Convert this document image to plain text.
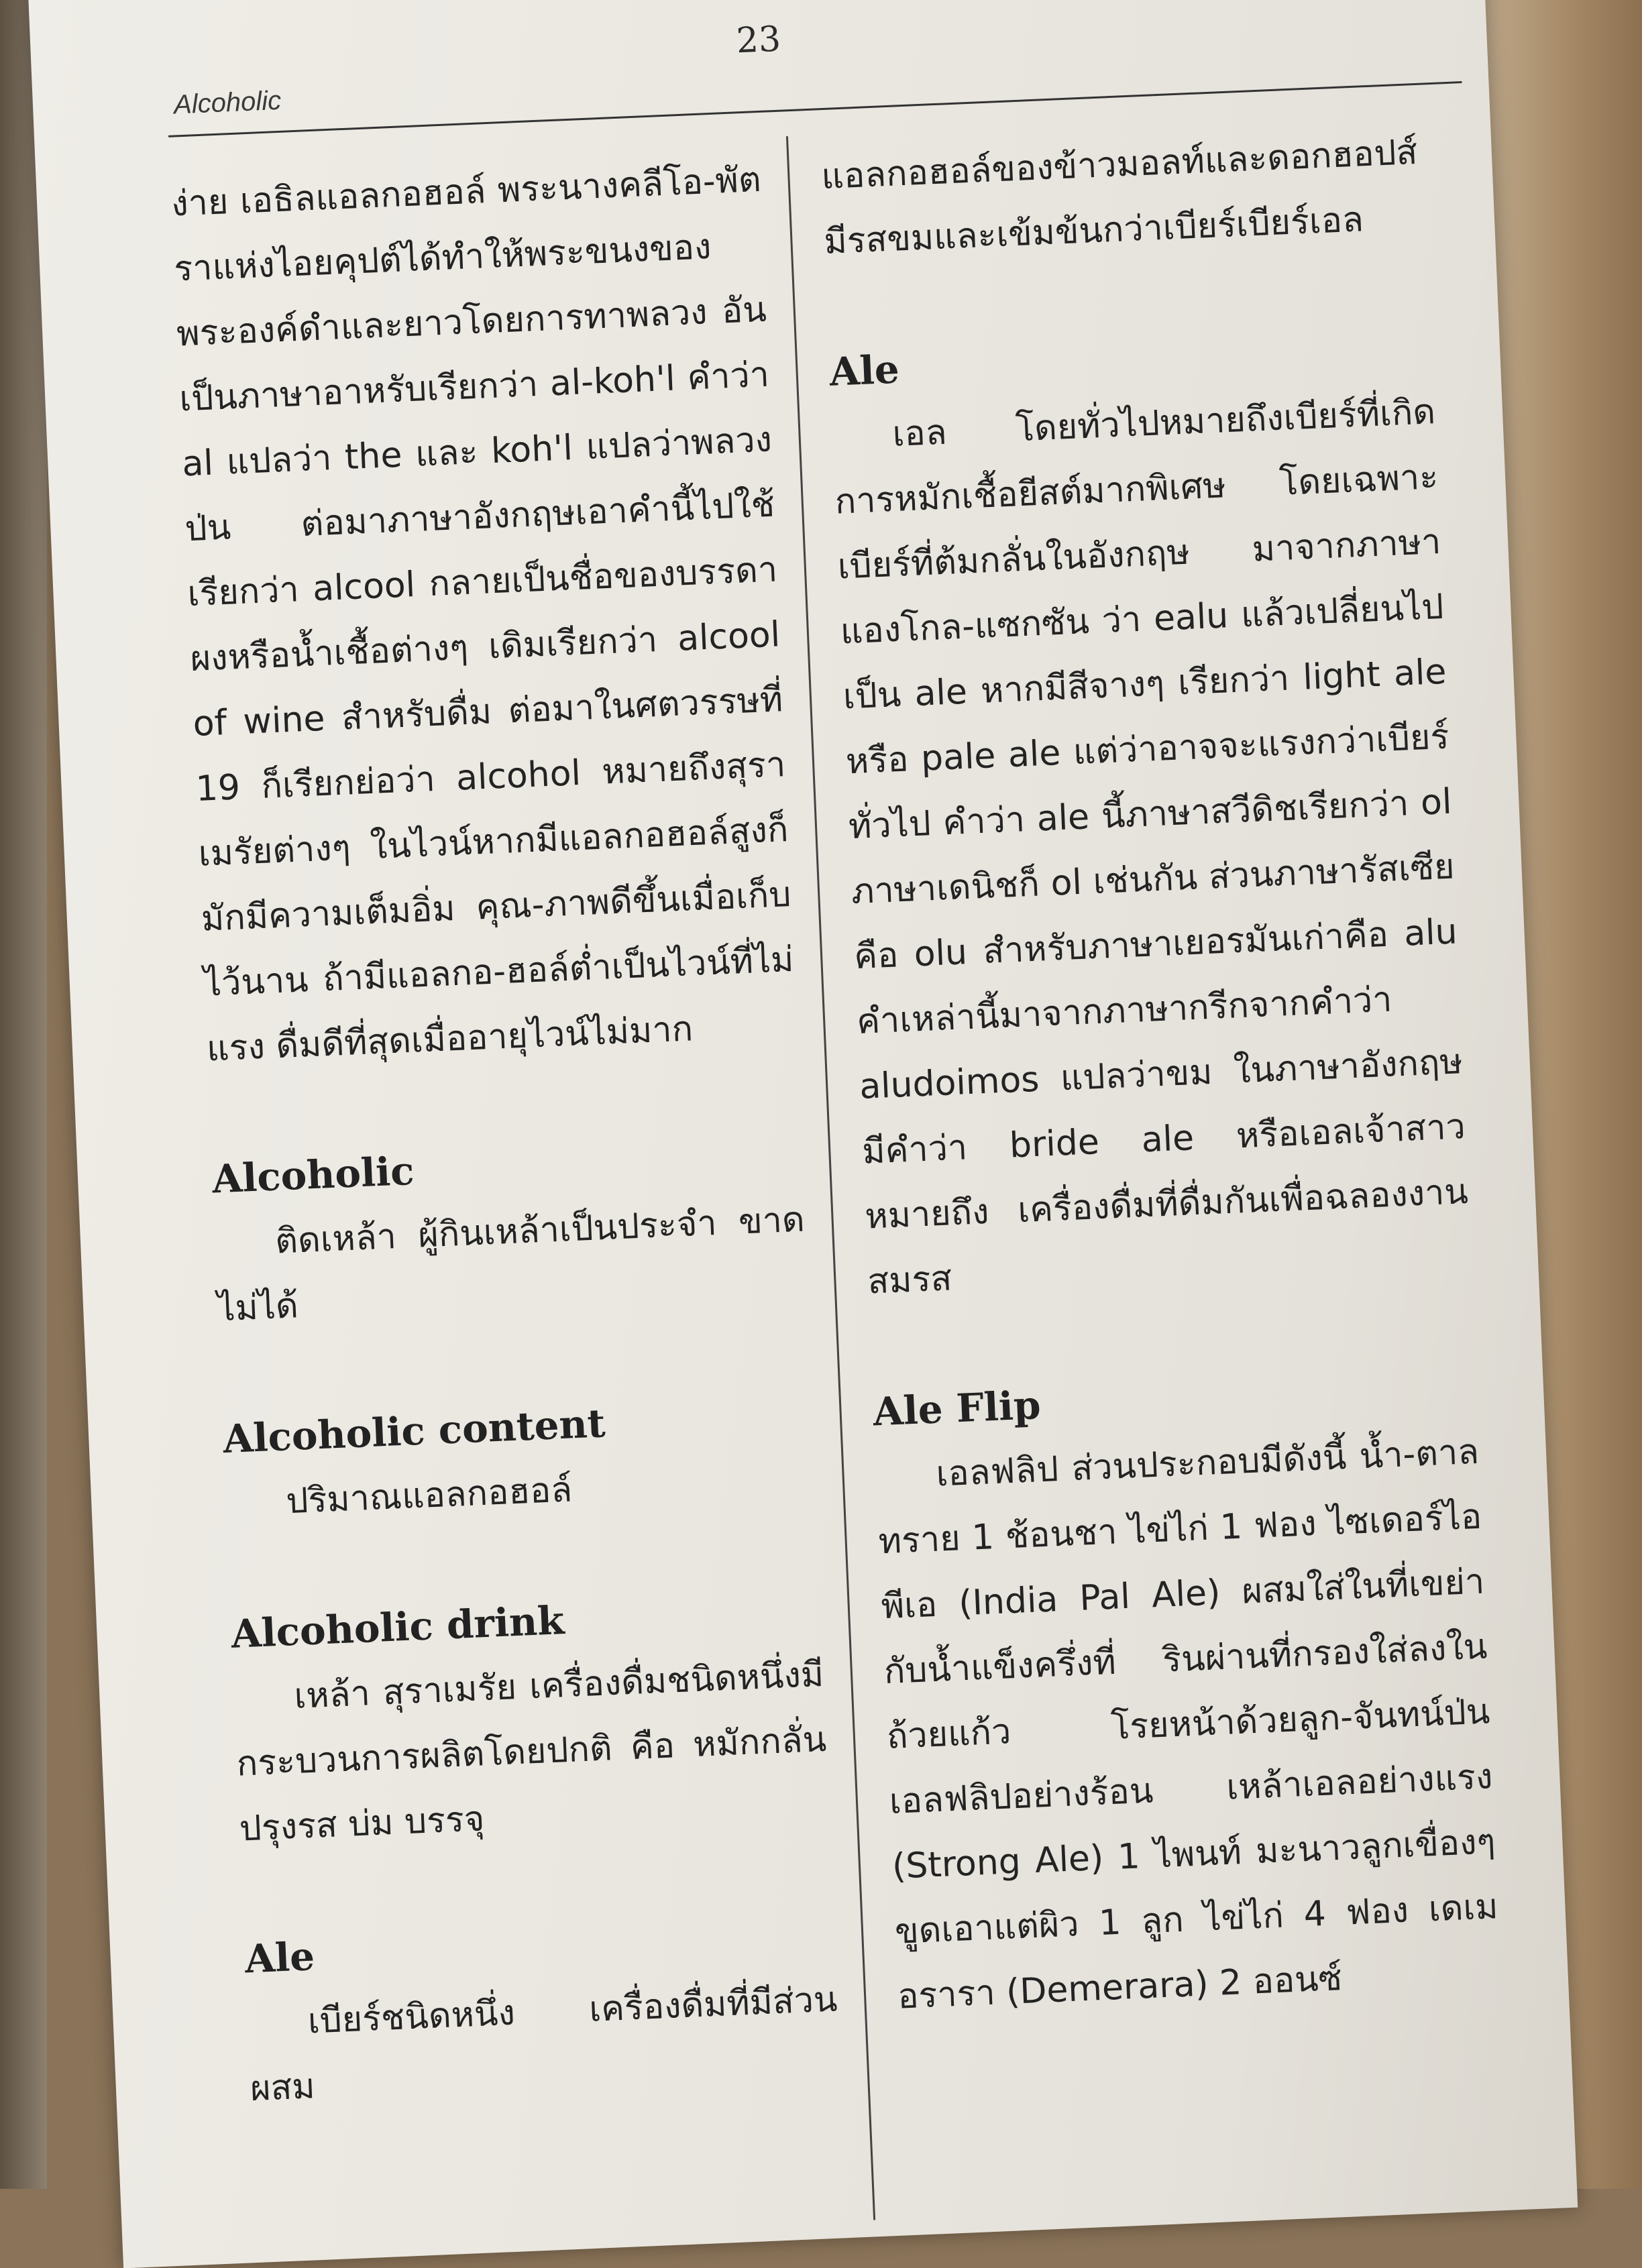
23
Alcoholic
ง่าย เอธิลแอลกอฮอล์ พระนางคลีโอ-พัตราแห่งไอยคุปต์ได้ทำให้พระขนงของพระองค์ดำและยาวโดยการทาพลวง อันเป็นภาษาอาหรับเรียกว่า al-koh'l คำว่า al แปลว่า the และ koh'l แปลว่าพลวงป่น ต่อมาภาษาอังกฤษเอาคำนี้ไปใช้เรียกว่า alcool กลายเป็นชื่อของบรรดาผงหรือน้ำเชื้อต่างๆ เดิมเรียกว่า alcool of wine สำหรับดื่ม ต่อมาในศตวรรษที่ 19 ก็เรียกย่อว่า alcohol หมายถึงสุราเมรัยต่างๆ ในไวน์หากมีแอลกอฮอล์สูงก็มักมีความเต็มอิ่ม คุณ-ภาพดีขึ้นเมื่อเก็บไว้นาน ถ้ามีแอลกอ-ฮอล์ต่ำเป็นไวน์ที่ไม่แรง ดื่มดีที่สุดเมื่ออายุไวน์ไม่มาก
Alcoholic
ติดเหล้า ผู้กินเหล้าเป็นประจำ ขาดไม่ได้
Alcoholic content
ปริมาณแอลกอฮอล์
Alcoholic drink
เหล้า สุราเมรัย เครื่องดื่มชนิดหนึ่งมีกระบวนการผลิตโดยปกติ คือ หมักกลั่น ปรุงรส บ่ม บรรจุ
Ale
เบียร์ชนิดหนึ่ง เครื่องดื่มที่มีส่วนผสม
แอลกอฮอล์ของข้าวมอลท์และดอกฮอปส์ มีรสขมและเข้มข้นกว่าเบียร์เบียร์เอล
Ale
เอล โดยทั่วไปหมายถึงเบียร์ที่เกิดการหมักเชื้อยีสต์มากพิเศษ โดยเฉพาะเบียร์ที่ต้มกลั่นในอังกฤษ มาจากภาษาแองโกล-แซกซัน ว่า ealu แล้วเปลี่ยนไปเป็น ale หากมีสีจางๆ เรียกว่า light ale หรือ pale ale แต่ว่าอาจจะแรงกว่าเบียร์ทั่วไป คำว่า ale นี้ภาษาสวีดิชเรียกว่า ol ภาษาเดนิชก็ ol เช่นกัน ส่วนภาษารัสเซียคือ olu สำหรับภาษาเยอรมันเก่าคือ alu คำเหล่านี้มาจากภาษากรีกจากคำว่า aludoimos แปลว่าขม ในภาษาอังกฤษมีคำว่า bride ale หรือเอลเจ้าสาว หมายถึง เครื่องดื่มที่ดื่มกันเพื่อฉลองงานสมรส
Ale Flip
เอลฟลิป ส่วนประกอบมีดังนี้ น้ำ-ตาลทราย 1 ช้อนชา ไข่ไก่ 1 ฟอง ไซเดอร์ไอพีเอ (India Pal Ale) ผสมใส่ในที่เขย่ากับน้ำแข็งครึ่งที่ รินผ่านที่กรองใส่ลงในถ้วยแก้ว โรยหน้าด้วยลูก-จันทน์ป่น เอลฟลิปอย่างร้อน เหล้าเอลอย่างแรง (Strong Ale) 1 ไพนท์ มะนาวลูกเขื่องๆ ขูดเอาแต่ผิว 1 ลูก ไข่ไก่ 4 ฟอง เดเมอรารา (Demerara) 2 ออนซ์
